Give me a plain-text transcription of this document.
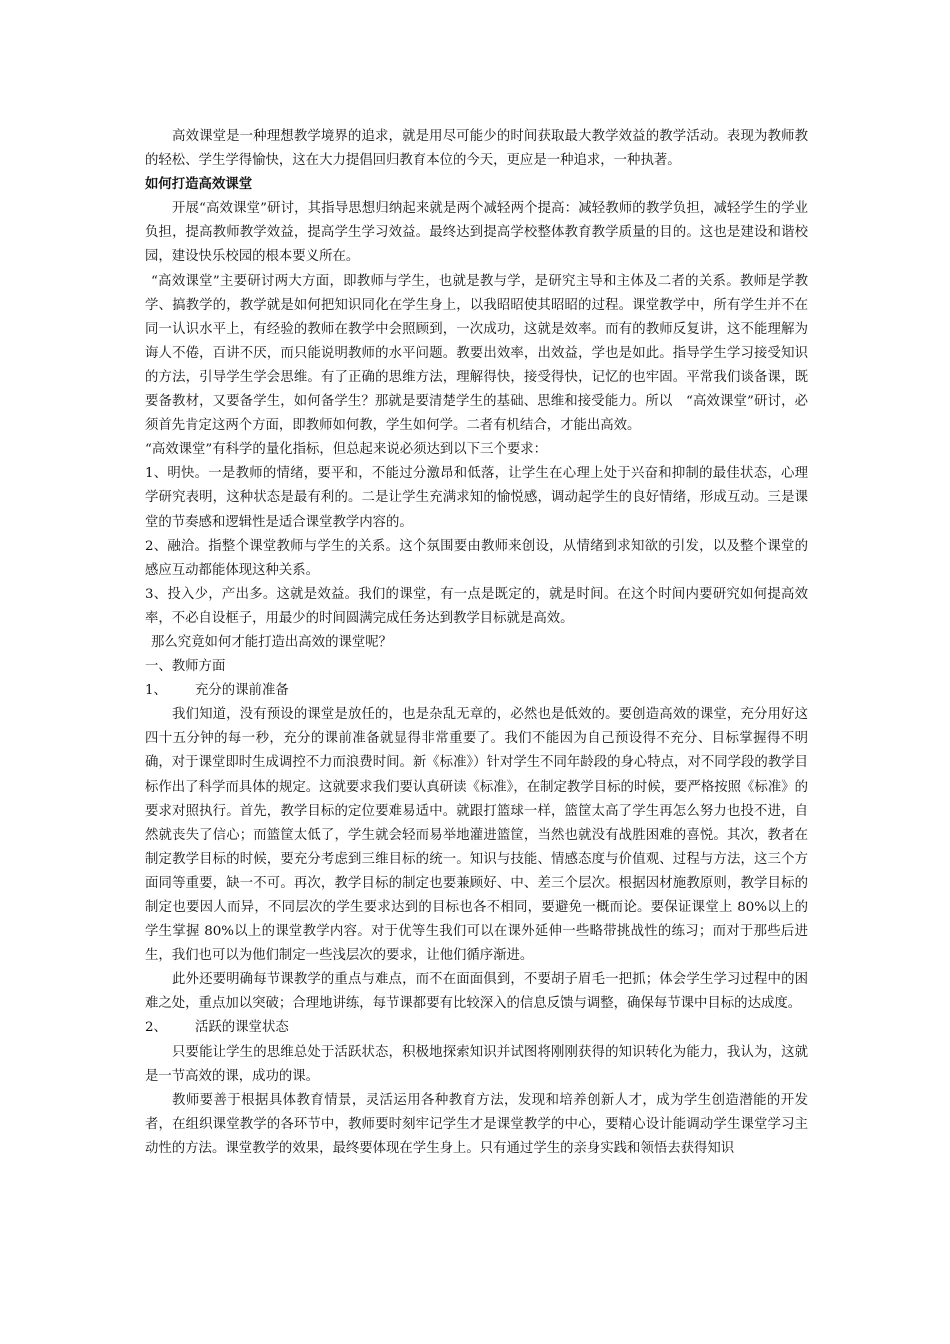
高效课堂是一种理想教学境界的追求，就是用尽可能少的时间获取最大教学效益的教学活动。表现为教师教的轻松、学生学得愉快，这在大力提倡回归教育本位的今天，更应是一种追求，一种执著。

如何打造高效课堂

开展“高效课堂”研讨，其指导思想归纳起来就是两个减轻两个提高：减轻教师的教学负担，减轻学生的学业负担，提高教师教学效益，提高学生学习效益。最终达到提高学校整体教育教学质量的目的。这也是建设和谐校园，建设快乐校园的根本要义所在。

“高效课堂”主要研讨两大方面，即教师与学生，也就是教与学，是研究主导和主体及二者的关系。教师是学教学、搞教学的，教学就是如何把知识同化在学生身上，以我昭昭使其昭昭的过程。课堂教学中，所有学生并不在同一认识水平上，有经验的教师在教学中会照顾到，一次成功，这就是效率。而有的教师反复讲，这不能理解为诲人不倦，百讲不厌，而只能说明教师的水平问题。教要出效率，出效益，学也是如此。指导学生学习接受知识的方法，引导学生学会思维。有了正确的思维方法，理解得快，接受得快，记忆的也牢固。平常我们谈备课，既要备教材，又要备学生，如何备学生？那就是要清楚学生的基础、思维和接受能力。所以　“高效课堂”研讨，必须首先肯定这两个方面，即教师如何教，学生如何学。二者有机结合，才能出高效。

“高效课堂”有科学的量化指标，但总起来说必须达到以下三个要求：

1、明快。一是教师的情绪，要平和，不能过分激昂和低落，让学生在心理上处于兴奋和抑制的最佳状态，心理学研究表明，这种状态是最有利的。二是让学生充满求知的愉悦感，调动起学生的良好情绪，形成互动。三是课堂的节奏感和逻辑性是适合课堂教学内容的。

2、融洽。指整个课堂教师与学生的关系。这个氛围要由教师来创设，从情绪到求知欲的引发，以及整个课堂的感应互动都能体现这种关系。

3、投入少，产出多。这就是效益。我们的课堂，有一点是既定的，就是时间。在这个时间内要研究如何提高效率，不必自设框子，用最少的时间圆满完成任务达到教学目标就是高效。

那么究竟如何才能打造出高效的课堂呢？

一、教师方面

1、	充分的课前准备

我们知道，没有预设的课堂是放任的，也是杂乱无章的，必然也是低效的。要创造高效的课堂，充分用好这四十五分钟的每一秒，充分的课前准备就显得非常重要了。我们不能因为自己预设得不充分、目标掌握得不明确，对于课堂即时生成调控不力而浪费时间。新《标准》）针对学生不同年龄段的身心特点，对不同学段的教学目标作出了科学而具体的规定。这就要求我们要认真研读《标准》，在制定教学目标的时候，要严格按照《标准》的要求对照执行。首先，教学目标的定位要难易适中。就跟打篮球一样，篮筐太高了学生再怎么努力也投不进，自然就丧失了信心；而篮筐太低了，学生就会轻而易举地灌进篮筐，当然也就没有战胜困难的喜悦。其次，教者在制定教学目标的时候，要充分考虑到三维目标的统一。知识与技能、情感态度与价值观、过程与方法，这三个方面同等重要，缺一不可。再次，教学目标的制定也要兼顾好、中、差三个层次。根据因材施教原则，教学目标的制定也要因人而异，不同层次的学生要求达到的目标也各不相同，要避免一概而论。要保证课堂上 80%以上的学生掌握 80%以上的课堂教学内容。对于优等生我们可以在课外延伸一些略带挑战性的练习；而对于那些后进生，我们也可以为他们制定一些浅层次的要求，让他们循序渐进。

此外还要明确每节课教学的重点与难点，而不在面面俱到，不要胡子眉毛一把抓；体会学生学习过程中的困难之处，重点加以突破；合理地讲练，每节课都要有比较深入的信息反馈与调整，确保每节课中目标的达成度。

2、	活跃的课堂状态

只要能让学生的思维总处于活跃状态，积极地探索知识并试图将刚刚获得的知识转化为能力，我认为，这就是一节高效的课，成功的课。

教师要善于根据具体教育情景，灵活运用各种教育方法，发现和培养创新人才，成为学生创造潜能的开发者，在组织课堂教学的各环节中，教师要时刻牢记学生才是课堂教学的中心，要精心设计能调动学生课堂学习主动性的方法。课堂教学的效果，最终要体现在学生身上。只有通过学生的亲身实践和领悟去获得知识
